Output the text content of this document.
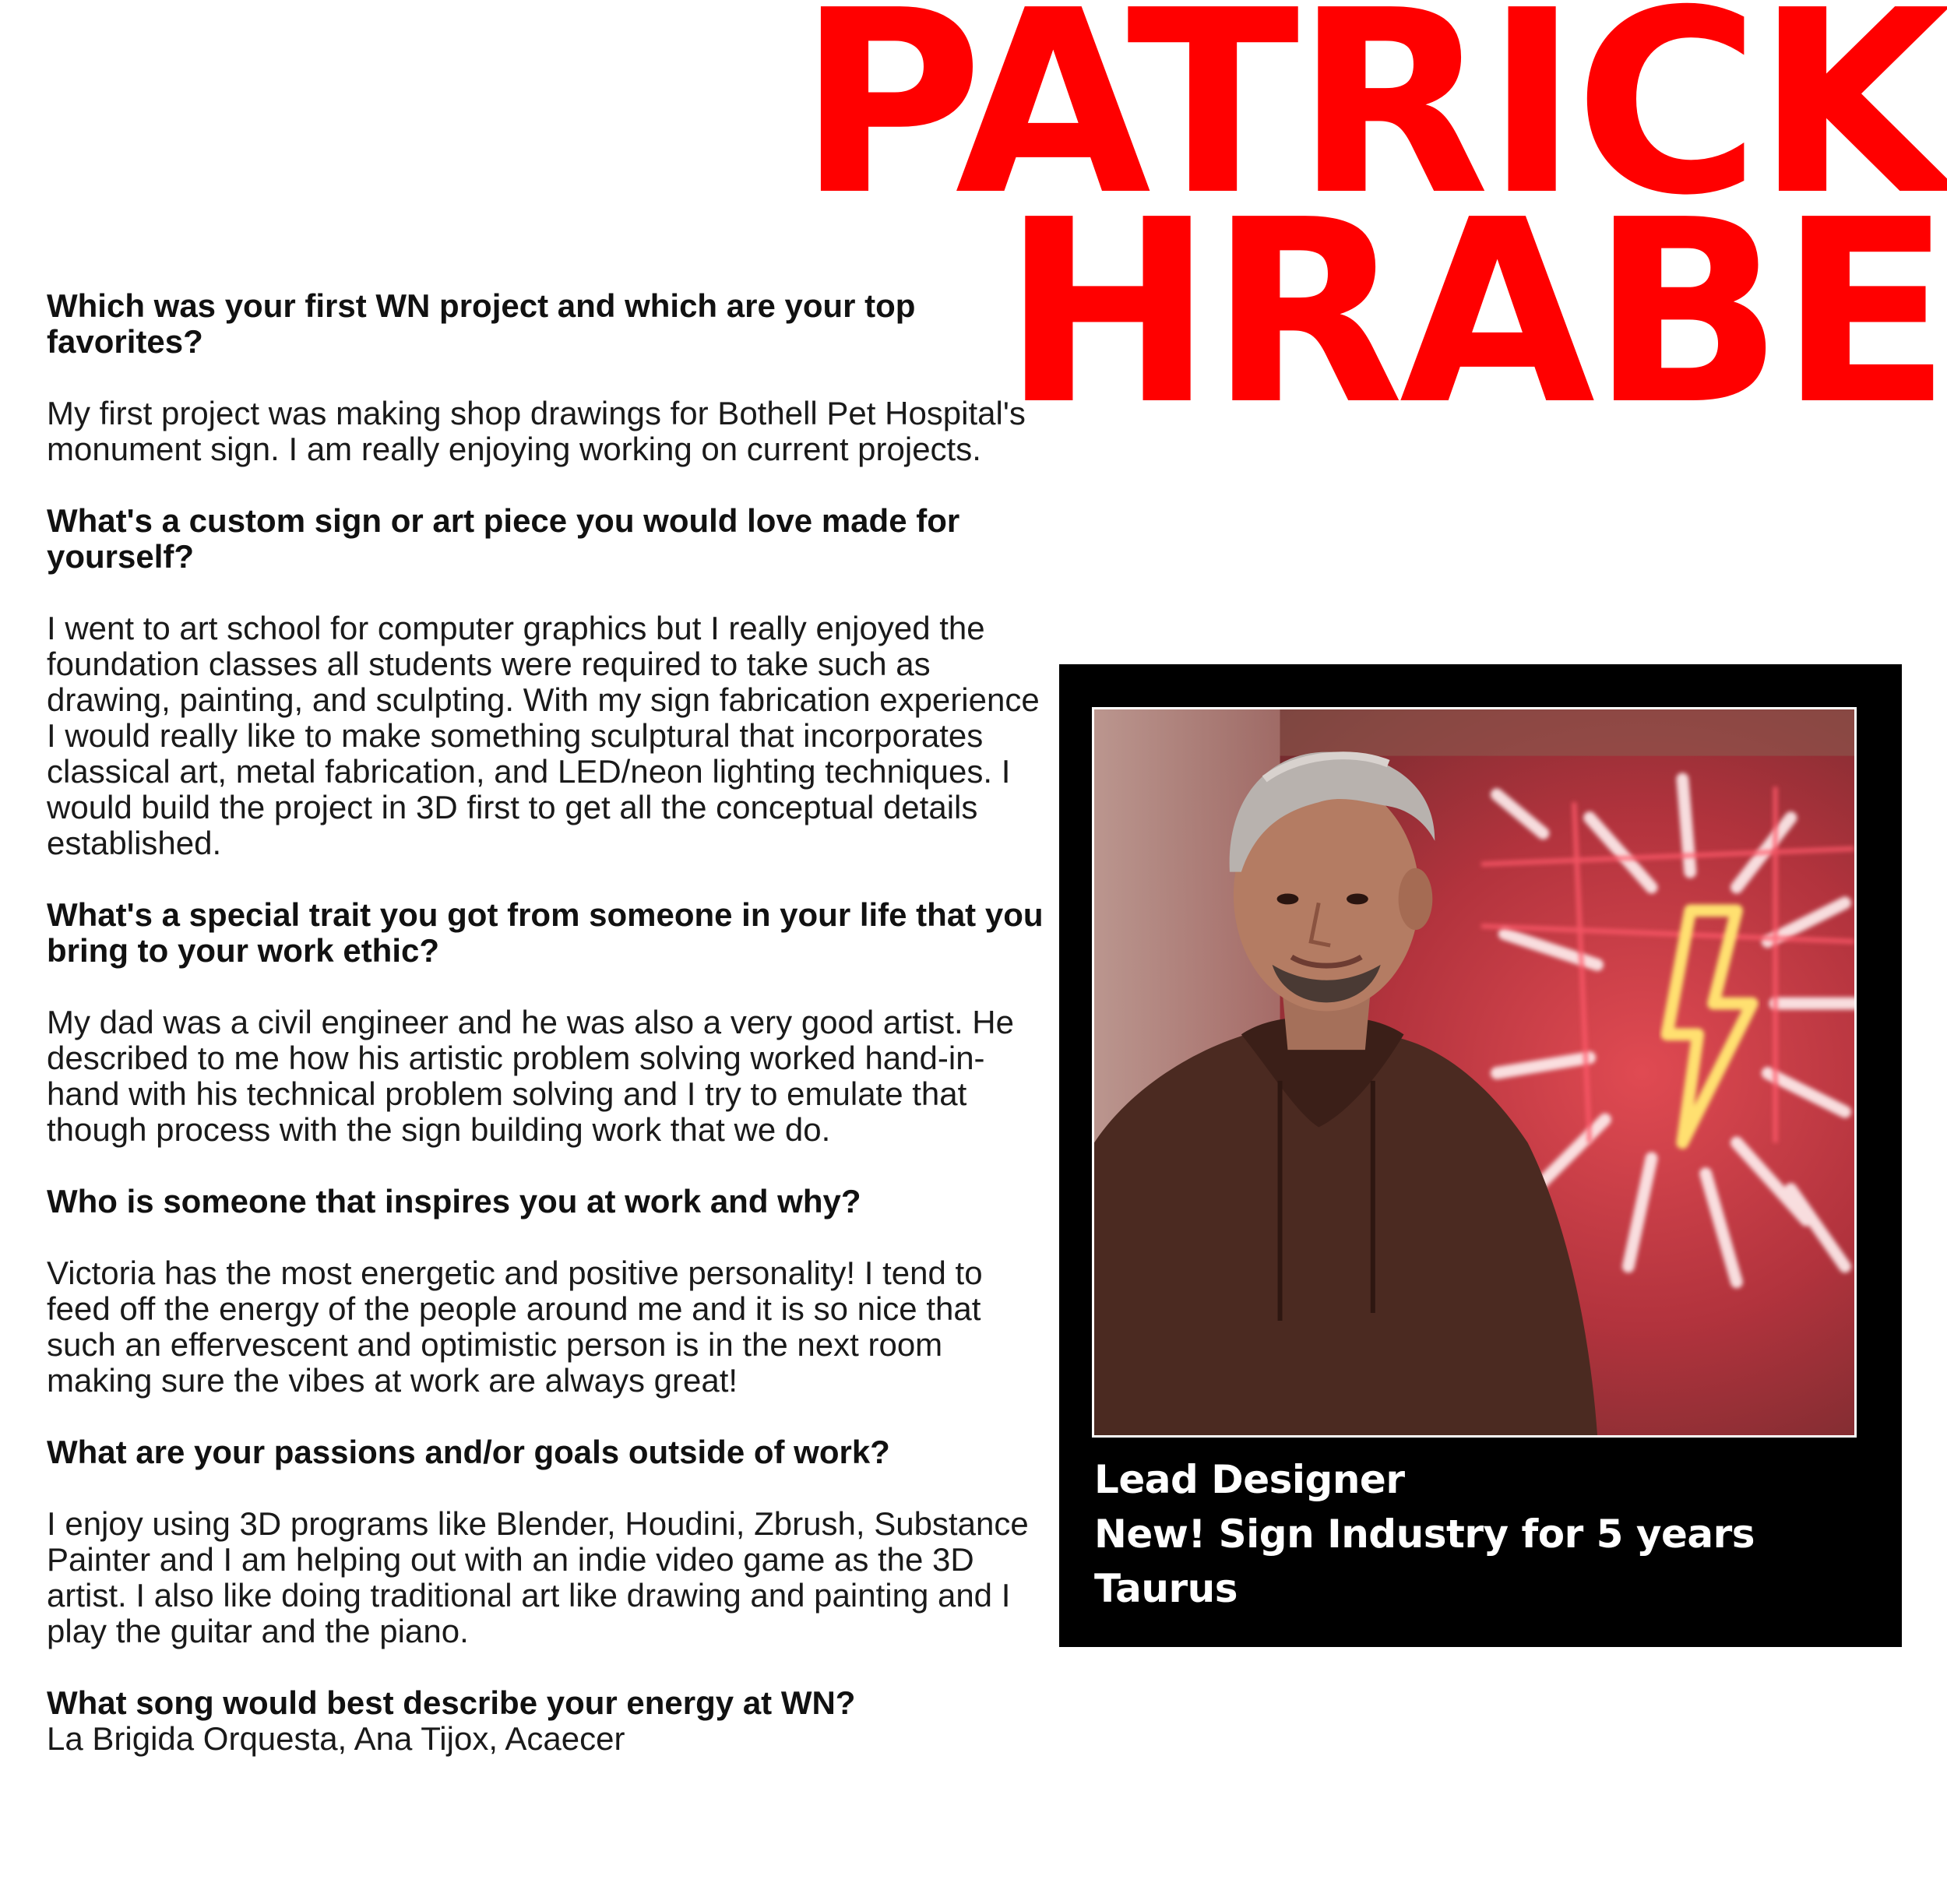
PATRICK
HRABE

Which was your first WN project and which are your top favorites?

My first project was making shop drawings for Bothell Pet Hospital's monument sign. I am really enjoying working on current projects.

What's a custom sign or art piece you would love made for yourself?

I went to art school for computer graphics but I really enjoyed the foundation classes all students were required to take such as drawing, painting, and sculpting. With my sign fabrication experience I would really like to make something sculptural that incorporates classical art, metal fabrication, and LED/neon lighting techniques. I would build the project in 3D first to get all the conceptual details established.

What's a special trait you got from someone in your life that you bring to your work ethic?

My dad was a civil engineer and he was also a very good artist. He described to me how his artistic problem solving worked hand-in-hand with his technical problem solving and I try to emulate that though process with the sign building work that we do.

Who is someone that inspires you at work and why?

Victoria has the most energetic and positive personality! I tend to feed off the energy of the people around me and it is so nice that such an effervescent and optimistic person is in the next room making sure the vibes at work are always great!

What are your passions and/or goals outside of work?

I enjoy using 3D programs like Blender, Houdini, Zbrush, Substance Painter and I am helping out with an indie video game as the 3D artist. I also like doing traditional art like drawing and painting and I play the guitar and the piano.

What song would best describe your energy at WN?

La Brigida Orquesta, Ana Tijox, Acaecer

Lead Designer
New! Sign Industry for 5 years
Taurus
